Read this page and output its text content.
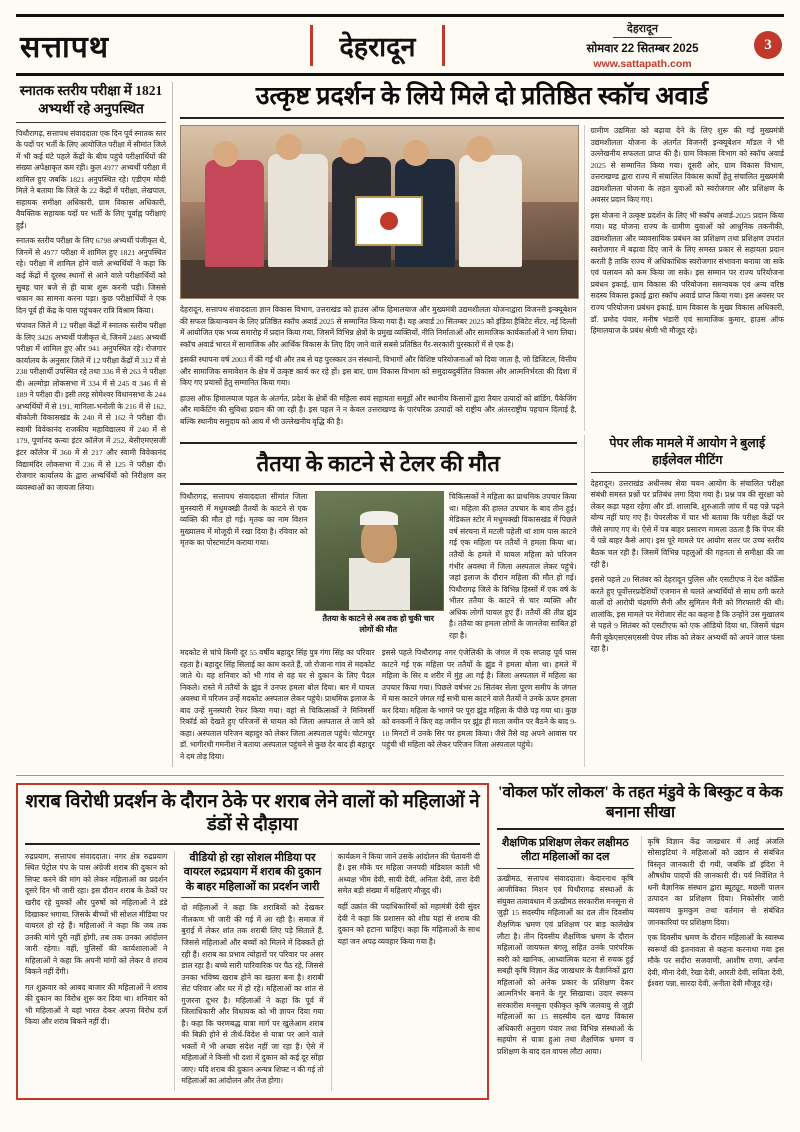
सत्तापथ	देहरादून
देहरादून
सोमवार 22 सितम्बर 2025
www.sattapath.com
3
स्नातक स्तरीय परीक्षा में 1821 अभ्यर्थी रहे अनुपस्थित

पिथौरागढ़, सत्तापथ संवाददाता एक दिन पूर्व स्नातक स्तर के पदों पर भर्ती के लिए आयोजित परीक्षा में सीमांत जिले में भी कई घंटे पहले केंद्रों के बीच पहुंचे परीक्षार्थियों की संख्या अपेक्षाकृत कम रही। कुल 4977 अभ्यर्थी परीक्षा में शामिल हुए जबकि 1821 अनुपस्थित रहे। एडीएम मोदी मिले ने बताया कि जिले के 22 केंद्रों में परीक्षा, लेखपाल, सहायक समीक्षा अधिकारी, ग्राम विकास अधिकारी, वैयक्तिक सहायक पदों पर भर्ती के लिए पूर्वाह्न परीक्षाएं हुईं।

स्नातक स्तरीय परीक्षा के लिए 6798 अभ्यर्थी पंजीकृत थे, जिनमें से 4977 परीक्षा में शामिल हुए 1821 अनुपस्थित रहे। परीक्षा में शामिल होने वाले अभ्यर्थियों ने कहा कि कई केंद्रों में दूरस्थ स्थानों से आने वाले परीक्षार्थियों को सुबह चार बजे से ही यात्रा शुरू करनी पड़ी। जिससे थकान का सामना करना पड़ा। कुछ परीक्षार्थियों ने एक दिन पूर्व ही केंद्र के पास पहुंचकर रात्रि विश्राम किया।

चंपावत जिले में 12 परीक्षा केंद्रों में स्नातक स्तरीय परीक्षा के लिए 3426 अभ्यर्थी पंजीकृत थे, जिनमें 2485 अभ्यर्थी परीक्षा में शामिल हुए और 941 अनुपस्थित रहे। रोजगार कार्यालय के अनुसार जिले में 12 परीक्षा केंद्रों में 312 में से 238 परीक्षार्थी उपस्थित रहे तथा 336 में से 263 ने परीक्षा दी। अल्मोड़ा लोकसभा में 334 में से 245 व 346 में से 189 ने परीक्षा दी। इसी तरह सोमेश्वर विधानसभा के 244 अभ्यर्थियों में से 191, मानिला-भनोली के 216 में से 162, बीकोली विकासखंड के 240 में से 162 ने परीक्षा दी। स्वामी विवेकानंद राजकीय महाविद्यालय में 240 में से 179, पूर्णानंद कन्या इंटर कॉलेज में 252, बेसीएमएसजी इंटर कॉलेज में 360 में से 217 और स्वामी विवेकानंद विद्यामंदिर लोकसभा में 236 में से 125 ने परीक्षा दी। रोजगार कार्यालय के द्वारा अभ्यर्थियों को निरीक्षण कर व्यवस्थाओं का जायजा लिया।

उत्कृष्ट प्रदर्शन के लिये मिले दो प्रतिष्ठित स्कॉच अवार्ड

देहरादून, सत्तापथ संवाददाता ज्ञान विकास विभाग, उत्तराखंड को हाउस ऑफ हिमालयाज और मुख्यमंत्री उद्यमशीलता योजनाद्वारा विजनरी इन्क्यूबेशन की सफल क्रियान्वयन के लिए प्रतिष्ठित स्कॉच अवार्ड 2025 से सम्मानित किया गया है। यह अवार्ड 20 सितम्बर 2025 को इंडिया हैबिटेट सेंटर, नई दिल्ली में आयोजित एक भव्य समारोह में प्रदान किया गया, जिसमें विभिन्न क्षेत्रों के प्रमुख व्यक्तियों, नीति निर्माताओं और सामाजिक कार्यकर्ताओं ने भाग लिया। स्कॉच अवार्ड भारत में सामाजिक और आर्थिक विकास के लिए दिए जाने वाले सबसे प्रतिष्ठित गैर-सरकारी पुरस्कारों में से एक है।

इसकी स्थापना वर्ष 2003 में की गई थी और तब से यह पुरस्कार उन संस्थानों, विभागों और विशिष्ट परियोजनाओं को दिया जाता है, जो डिजिटल, वित्तीय और सामाजिक समावेशन के क्षेत्र में उत्कृष्ट कार्य कर रहे हों। इस बार, ग्राम विकास विभाग को समुदायदुर्बलित विकास और आत्मनिर्भरता की दिशा में किए गए प्रयासों हेतु सम्मानित किया गया।

हाउस ऑफ हिमालयाज पहल के अंतर्गत, प्रदेश के क्षेत्रों की महिला स्वयं सहायता समूहों और स्थानीय किसानों द्वारा तैयार उत्पादों को ब्रांडिंग, पैकेजिंग और मार्केटिंग की सुविधा प्रदान की जा रही है। इस पहल ने न केवल उत्तराखण्ड के पारंपरिक उत्पादों को राष्ट्रीय और अंतरराष्ट्रीय पहचान दिलाई है, बल्कि स्थानीय समुदाय को आय में भी उल्लेखनीय वृद्धि की है।

ग्रामीण उद्यमिता को बढ़ावा देने के लिए शुरू की गई मुख्यमंत्री उद्यमशीलता योजना के अंतर्गत विजनरी इन्क्यूबेशन मॉडल ने भी उल्लेखनीय सफलता प्राप्त की है। ग्राम विकास विभाग को स्कॉच अवार्ड 2025 से सम्मानित किया गया। दूसरी ओर, ग्राम विकास विभाग, उत्तराखण्ड द्वारा राज्य में संचालित विकास कार्यों हेतु संचालित मुख्यमंत्री उद्यमशीलता योजना के तहत युवाओं को स्वरोजगार और प्रशिक्षण के अवसर प्रदान किए गए।

इस योजना ने उत्कृष्ट प्रदर्शन के लिए भी स्कॉच अवार्ड-2025 प्रदान किया गया। यह योजना राज्य के ग्रामीण युवाओं को आधुनिक तकनीकी, उद्यमशीलता और व्यावसायिक प्रबंधन का प्रशिक्षण तथा प्रशिक्षण उपरांत स्वरोजगार में बढ़ावा दिए जाने के लिए समस्त प्रकार से सहायता प्रदान करती है ताकि राज्य में अधिकाधिक स्वरोजगार संभावना बनाया जा सके एवं पलायन को कम किया जा सके। इस सम्मान पर राज्य परियोजना प्रबंधन इकाई, ग्राम विकास की परियोजना समन्वयक एवं अन्य वरिष्ठ सदस्य विकास इकाई द्वारा स्कॉच अवार्ड प्राप्त किया गया। इस अवसर पर राज्य परियोजना प्रबंधन इकाई, ग्राम विकास के मुख्य विकास अधिकारी, डॉ. प्रमोद पंवार, मनीष भंडारी एवं सामाजिक कुमार, हाउस ऑफ हिमालयाज के प्रबंध श्रेणी भी मौजूद रहे।

तैतया के काटने से टेलर की मौत

पिथौरागढ़, सत्तापथ संवाददाता सीमांत जिला मुनस्यारी में मधुमक्खी तैतयों के काटने से एक व्यक्ति की मौत हो गई। मृतक का नाम विशन मुख्यालय में मोजूदी में रखा दिया है। रविवार को मृतक का पोस्टमार्टम कराया गया।

तैतया के काटने से अब तक हो चुकी चार लोगों की मौत

चिकित्सकों ने महिला का प्राथमिक उपचार किया था। महिला की हालत उपचार के बाद तीन हुई। मेडिकल स्टोर में मधुमक्खी विकासखंड में पिछले वर्ष संरचना में मटली पहेली थां शाम पास काटने गई एक महिला पर ततैयों ने हमला किया था। ततैयों के हमले में घायल महिला को परिजन गंभीर अवस्था में जिला अस्पताल लेकर पहुंचे। जहां इलाज के दौरान महिला की मौत हो गई। पिथौरागढ़ जिले के विभिन्न हिस्सों में एक वर्ष के भीतर ततैया के काटने से चार व्यक्ति और अधिक लोगों घायल हुए हैं। ततैयों की तीव्र झुंड है। ततैया का हमला लोगों के जानलेवा साबित हो रहा है।

मदकोट से चांचे किमी दूर 55 वर्षीय बहादुर सिंह पुत्र गंगा सिंह का परिवार रहता है। बहादुर सिंह सिलाई का काम करते हैं, जो रोजाना गांव से मदकोट जाते थे। यह शनिवार को भी गांव से वह घर से दुकान के लिए पैदल निकले। रास्ते में ततैयों के झुंड ने उनपर हमला बोल दिया। बार में घायल अवस्था में परिजन उन्हें मदकोट अस्पताल लेकर पहुंचे। प्राथमिक इलाज के बाद उन्हें मुनस्यारी रेफर किया गया। वहां से चिकित्सकों ने मिनिमर्सी रिकॉर्ड को देखते हुए परिजनों से घायल को जिला अस्पताल ले जाने को कहा। अस्पताल परिजन बहादुर को लेकर जिला अस्पताल पहुंचे। चोटमपुर डॉ. भागीरथी गमनीश ने बताया अस्पताल पहुंचने से कुछ देर बाद ही बहादुर ने दम तोड़ दिया।

इससे पहले पिथौरागढ़ नगर एंजेलिकी के जंगल में एक सप्ताह पूर्व घास काटने गई एक महिला पर ततैयों के झुंड ने हमला बोला था। हमले में महिला के सिर व शरीर में मुंह आ गई है। जिला अस्पताल में महिला का उपचार किया गया। पिछले वर्षभर 26 सितंबर सेला पूरण समीप के जंगल में घास काटने जंगल गईं सभी घास काटने वाले तैतयों ने उनके ऊपर हमला कर दिया। महिला के भागने पर पूरा झुंड महिला के पीछे पड़ गया था। कुछ को वनकर्मी ने किए वह जमीन पर झूंड ही माता जमीन पर बैठने के बाद 9-10 मिनटों में उनके सिर पर हमला किया। जैसे तैसे वह अपने आवास पर पहुंची थी महिला को लेकर परिजन जिला अस्पताल पहुंचे।

पेपर लीक मामले में आयोग ने बुलाई हाईलेवल मीटिंग

देहरादून। उत्तराखंड अधीनस्थ सेवा चयन आयोग के संचालित परीक्षा संबंधी समस्त प्रश्नों पर प्रतिबंध लगा दिया गया है। प्रश्न पत्र की सुरक्षा को लेकर कड़ा पहरा रहेगा और डॉ. शालाबि, शुरुआती जांच में यह पन्ने पढ़ने योग्य नहीं पाए गए हैं। पेपरलीक में चार भी बताया कि परीक्षा केंद्रों पर जैसे लगाए गए थे। ऐसे में पत्र बाहर प्रसारण मामला उठता है कि पेपर की ये पन्ने बाहर कैसे आए। इस पूरे मामले पर आयोग सतर पर उच्च स्तरीय बैठक चल रही है। जिसमें विभिन्न पहलुओं की गहनता से समीक्षा की जा रही है।

इससे पहले 20 सितंबर को देहरादून पुलिस और एसटीएफ ने देश कॉर्फ्रेंस करते हुए पूर्वोत्तरप्रदेशियों एजमान से चलते अभ्यर्थियों से साथ ठगी करते वालों दो आरोपी चंद्रमणि सैनी और सुमितन मैनी को गिरफ्तारी की थी। शालांकि, इस मामले पर मेरोजार सेंट का कहना है कि उन्होंने उस मुखालय से पहले 9 सितंबर को एसटीएफ को एक ऑडियो दिया था, जिसमें चंद्रम मैनी यूकेएसएसएससी पेपर लीक को लेकर अभ्यर्थी को अपने जाल फंसा रहा है।

शराब विरोधी प्रदर्शन के दौरान ठेके पर शराब लेने वालों को महिलाओं ने डंडों से दौड़ाया

रुद्रप्रयाग, सत्तापथ संवाददाता। नगर क्षेत्र रुद्रप्रयाग स्थित पेट्रोल पंप के पास अंग्रेजी शराब की दुकान को सिफ्ट करने की मांग को लेकर महिलाओं का प्रदर्शन दूसरे दिन भी जारी रहा। इस दौरान शराब के ठेकों पर खरीद रहे युवकों और पुरुषों को महिलाओं ने डंडे दिखाकर भगाया, जिसके बीच्चों भी सोशल मीडिया पर वायरल हो रहे हैं। महिलाओं ने कहा कि जब तक उनकी मांगे पूरी नहीं होगी, तब तक उनका आंदोलन जारी रहेगा। वहीं, पुलिसों की कार्यशालाओं ने महिलाओं ने कहा कि अपनी मांगों को लेकर वे शराब बिकने नहीं देंगी।

गत शुक्रवार को आबद बाजार की महिलाओं ने शराब की दुकान का विरोध शुरू कर दिया था। शनिवार को भी महिलाओं ने यहां भारत देकर अपना विरोध दर्ज किया और शराब बिकने नहीं दी।

वीडियो हो रहा सोशल मीडिया पर वायरल रुद्रप्रयाग में शराब की दुकान के बाहर महिलाओं का प्रदर्शन जारी

दो महिलाओं ने कहा कि शराबियों को देखकर नीलकण भी जारी की गई में आ रही है। समाज में बुराई में लेकर शांत तक शराबी लिए पड़े सिताले हैं, जिससे महिलाओं और बच्चों को मिलने में दिक्कतें हो रही हैं। शराब का प्रभाव त्योहारों पर परिवार पर असर डाल रहा है। बच्चे सारी पारिवारिक पर पैठ रहे, जिससे उनका भविष्य खराब होने का खतरा बना है। शराबी सेट परिवार और घर में हो रहे। महिलाओं का शांत से गुजरना दूभर है। महिलाओं ने कहा कि पूर्व में जिलाधिकारी और विधायक को भी ज्ञापन दिया गया है। कहा कि चरणबद्ध यात्रा मार्ग पर खुलेआम शराब की बिक्री होने से तीर्थ-विदेश से यात्रा पर आने वाले भक्तों में भी अच्छा संदेश नहीं जा रहा है। ऐसे में महिलाओं ने किसी भी दशा में दुकान को कई दूर सोंहा जाए। यदि शराब की दुकान अन्यत्र शिफ्ट न की गई तो महिलाओं का आंदोलन और तेज होगा।

कार्यक्रम ने किया जाने उसके आंदोलन की चेतावनी दी है। इस मौके पर महिला जनपदी मंडियाल कांती भी अध्यक्ष भीम देवी, सावी देवी, अनिता देवी, तारा देवी समेत बड़ी संख्या में महिलाएं मौजूद थी।

वहीं उक्रांत की पदाधिकारियों को महामंत्री देवी सुंदर देवी ने कहा कि प्रशासन को शीघ्र यहां से शराब की दुकान को हटाना चाहिए। कहा कि महिलाओं के साथ यहां जन अपढ़ व्यवहार किया गया है।

'वोकल फॉर लोकल' के तहत मंडुवे के बिस्कुट व केक बनाना सीखा
शैक्षणिक प्रशिक्षण लेकर लक्षीमठ लीटा महिलाओं का दल

ऊखीमठ, सत्तापथ संवाददाता। केदारनाथ कृषि आजीविका मिशन एवं पिथौरागढ़ संस्थाओं के संयुक्त तत्वावधान में ऊखीमठ सरकारीस मनसूना से जुड़ी 15 सदस्यीय महिलाओं का दल तीन दिवसीय शैक्षणिक भ्रमण एवं प्रशिक्षण पर बाड़ कालेखेत्र लौटा है। तीन दिवसीय शैक्षणिक भ्रमण के दौरान महिलाओं जायफल बंगलू सहित उनके पारंपरिक स्वरी को खानिक, आध्यात्मिक घटना से रुचक हुई सबही कृषि विज्ञान केंद्र जाखधार के वैज्ञानिकों द्वारा महिलाओं को अनेक प्रकार के प्रशिक्षण देकर आत्मनिर्भर बनाने के गुर सिखाया। उदार स्वरूप सरकारीस मनसूना एकीकृत कृषि जलवायु से जुड़ी महिलाओं का 15 सदस्यीय दल खण्ड विकास अधिकारी अनुराग पंवार तथा विभिन्न संस्थाओं के सहयोग से यात्रा हुआ तथा शैक्षणिक भ्रमण व प्रशिक्षण के बाद दल वापस लौटा आया।

कृषि विज्ञान केंद्र जाखधार में आई अंजलि सोसाइटियां ने महिलाओं को उद्यान से संबंधित विस्तृत जानकारी दी गयी, जबकि डॉ इंदिरा ने औषधीय पादपों की जानकारी दी। पर्व निर्वेशित ने धनी वैज्ञानिक संस्थान द्वारा ब्यूट्यूट, मछली पालन उत्पादन का प्रशिक्षण दिया। निकोसीर जारी व्यवसाय कुमकुम तथा वर्तमान से संबंधित जानकारियां पर प्रशिक्षण दिया।

एक दिवसीय भ्रमण के दौरान महिलाओं के स्वास्थ्य स्वरूपों की इतनावता से कहना करनाथा गया इस मौके पर सदीरा सजवाणी, आशीष राणा, अर्चना देवी, मीना देवी, रेखा देवी, आरती देवी, सविता देवी, ईश्वरा पन्ना, सारदा देवी, अनीता देवी मौजूद रहे।
